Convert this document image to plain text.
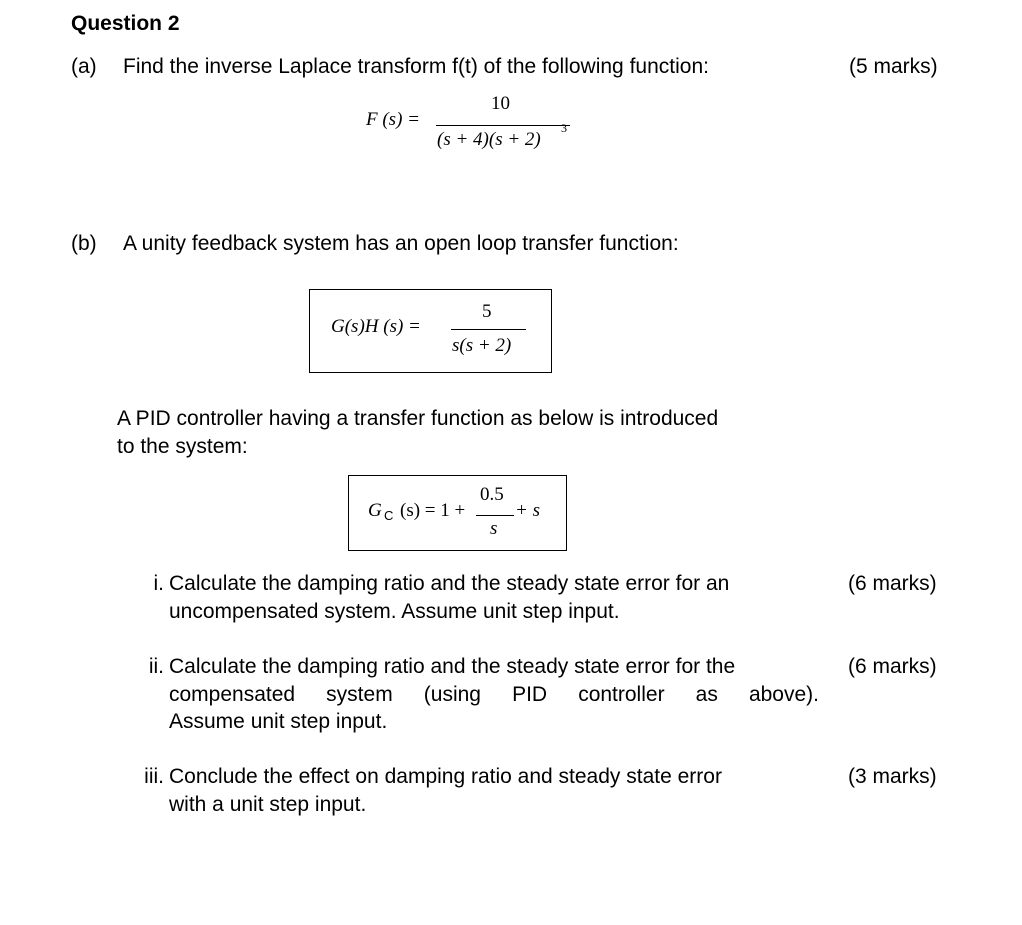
Question 2
(a) Find the inverse Laplace transform f(t) of the following function:	(5 marks)
F (s) =
10
(s + 4)(s + 2)
3
(b) A unity feedback system has an open loop transfer function:
G(s)H (s) =
5
s(s + 2)
A PID controller having a transfer function as below is introduced
to the system:
G C (s) = 1 +
0.5
s
+ s
i. Calculate the damping ratio and the steady state error for an
uncompensated system. Assume unit step input.
(6 marks)
ii. Calculate the damping ratio and the steady state error for the
compensated system (using PID controller as above).
Assume unit step input.
(6 marks)
iii. Conclude the effect on damping ratio and steady state error
with a unit step input.
(3 marks)
